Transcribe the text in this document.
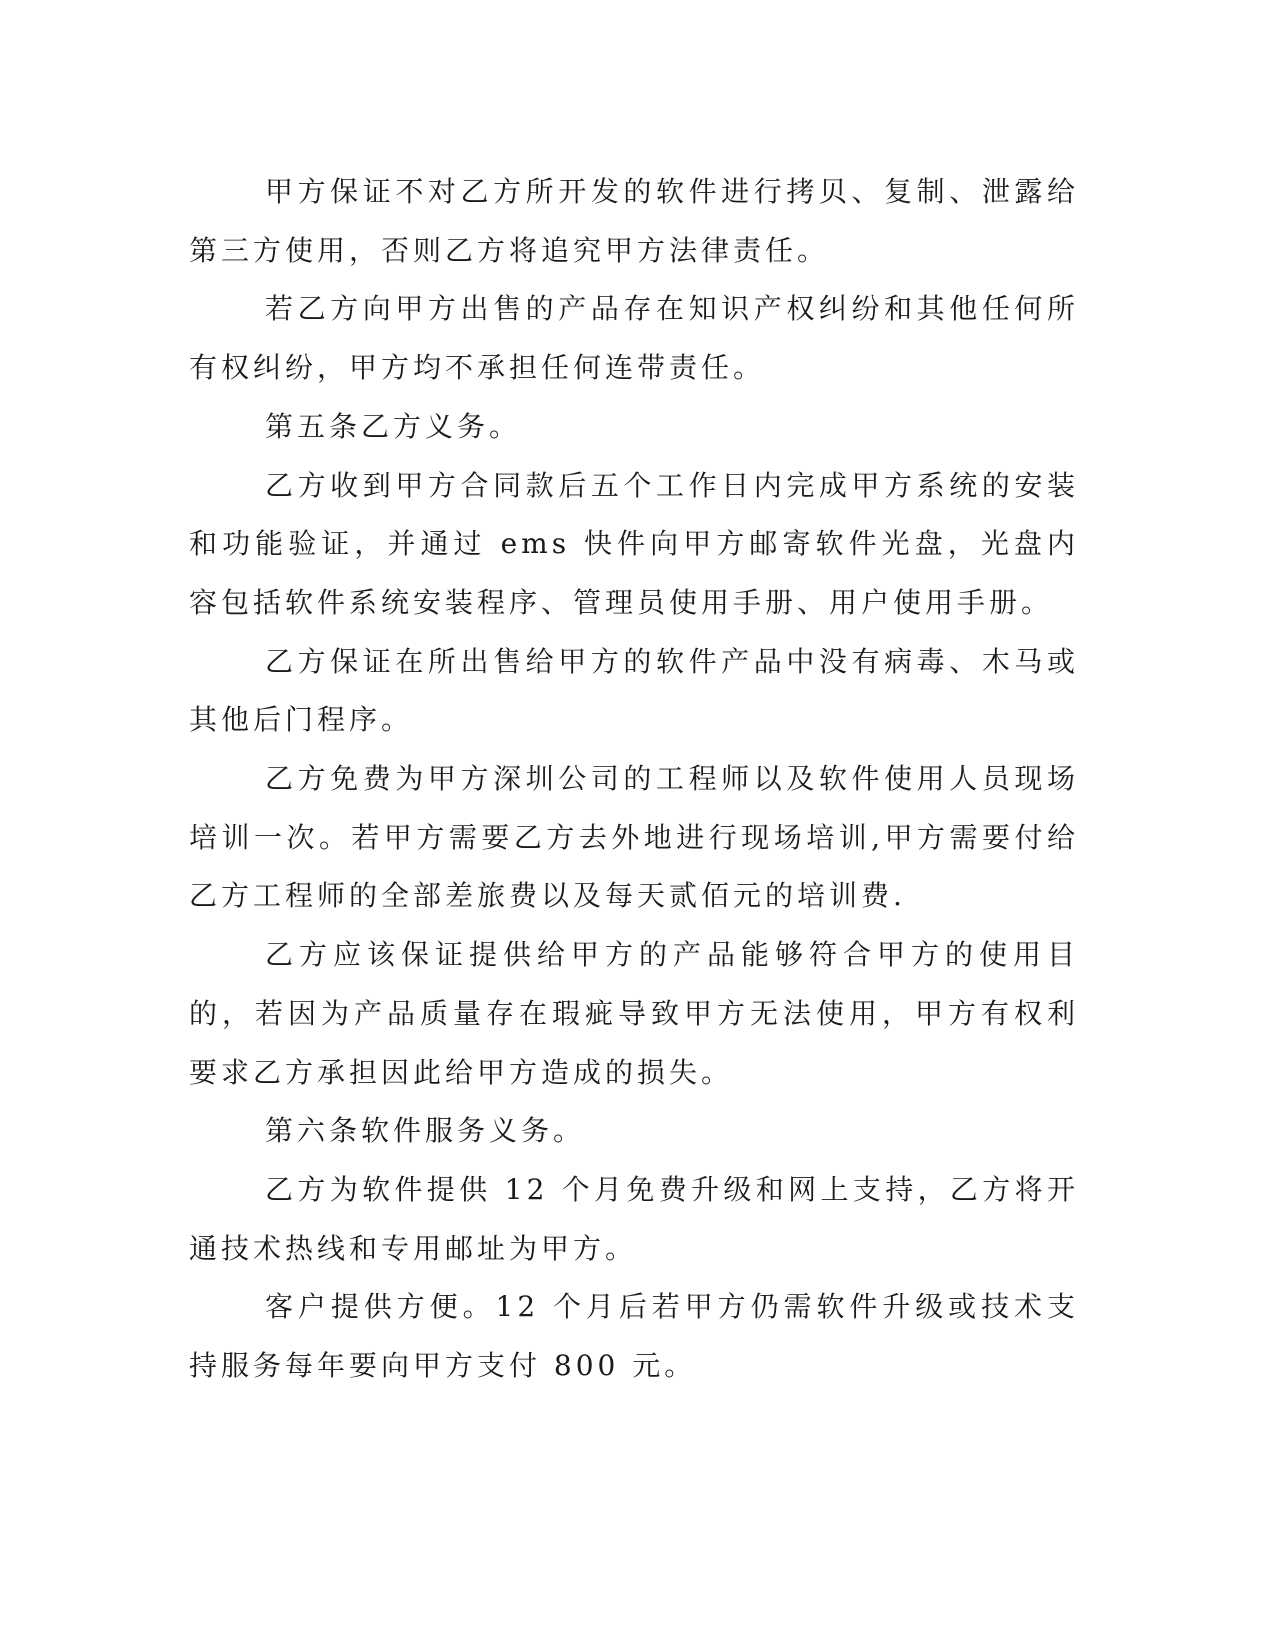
甲方保证不对乙方所开发的软件进行拷贝、复制、泄露给第三方使用，否则乙方将追究甲方法律责任。

若乙方向甲方出售的产品存在知识产权纠纷和其他任何所有权纠纷，甲方均不承担任何连带责任。

第五条乙方义务。

乙方收到甲方合同款后五个工作日内完成甲方系统的安装和功能验证，并通过 ems 快件向甲方邮寄软件光盘，光盘内容包括软件系统安装程序、管理员使用手册、用户使用手册。

乙方保证在所出售给甲方的软件产品中没有病毒、木马或其他后门程序。

乙方免费为甲方深圳公司的工程师以及软件使用人员现场培训一次。若甲方需要乙方去外地进行现场培训,甲方需要付给乙方工程师的全部差旅费以及每天贰佰元的培训费.

乙方应该保证提供给甲方的产品能够符合甲方的使用目的，若因为产品质量存在瑕疵导致甲方无法使用，甲方有权利要求乙方承担因此给甲方造成的损失。

第六条软件服务义务。

乙方为软件提供 12 个月免费升级和网上支持，乙方将开通技术热线和专用邮址为甲方。

客户提供方便。12 个月后若甲方仍需软件升级或技术支持服务每年要向甲方支付 800 元。
